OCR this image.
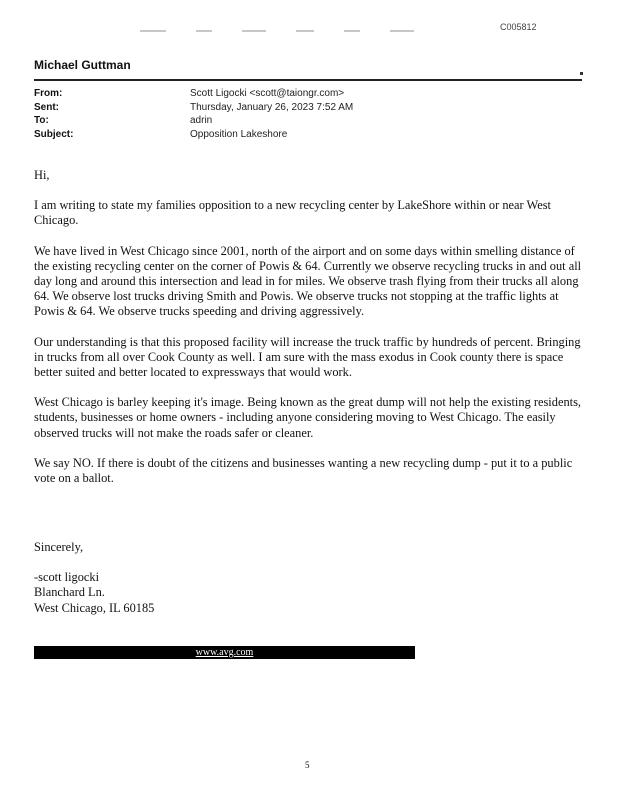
C005812
Michael Guttman
From:	Scott Ligocki <scott@taiongr.com>
Sent:	Thursday, January 26, 2023 7:52 AM
To:	adrin
Subject:	Opposition Lakeshore

Hi,

I am writing to state my families opposition to a new recycling center by LakeShore within or near West Chicago.

We have lived in West Chicago since 2001, north of the airport and on some days within smelling distance of the existing recycling center on the corner of Powis & 64. Currently we observe recycling trucks in and out all day long and around this intersection and lead in for miles. We observe trash flying from their trucks all along 64. We observe lost trucks driving Smith and Powis. We observe trucks not stopping at the traffic lights at Powis & 64. We observe trucks speeding and driving aggressively.

Our understanding is that this proposed facility will increase the truck traffic by hundreds of percent. Bringing in trucks from all over Cook County as well. I am sure with the mass exodus in Cook county there is space better suited and better located to expressways that would work.

West Chicago is barley keeping it's image. Being known as the great dump will not help the existing residents, students, businesses or home owners - including anyone considering moving to West Chicago. The easily observed trucks will not make the roads safer or cleaner.

We say NO. If there is doubt of the citizens and businesses wanting a new recycling dump - put it to a public vote on a ballot.

Sincerely,
-scott ligocki
Blanchard Ln.
West Chicago, IL 60185
www.avg.com
5
